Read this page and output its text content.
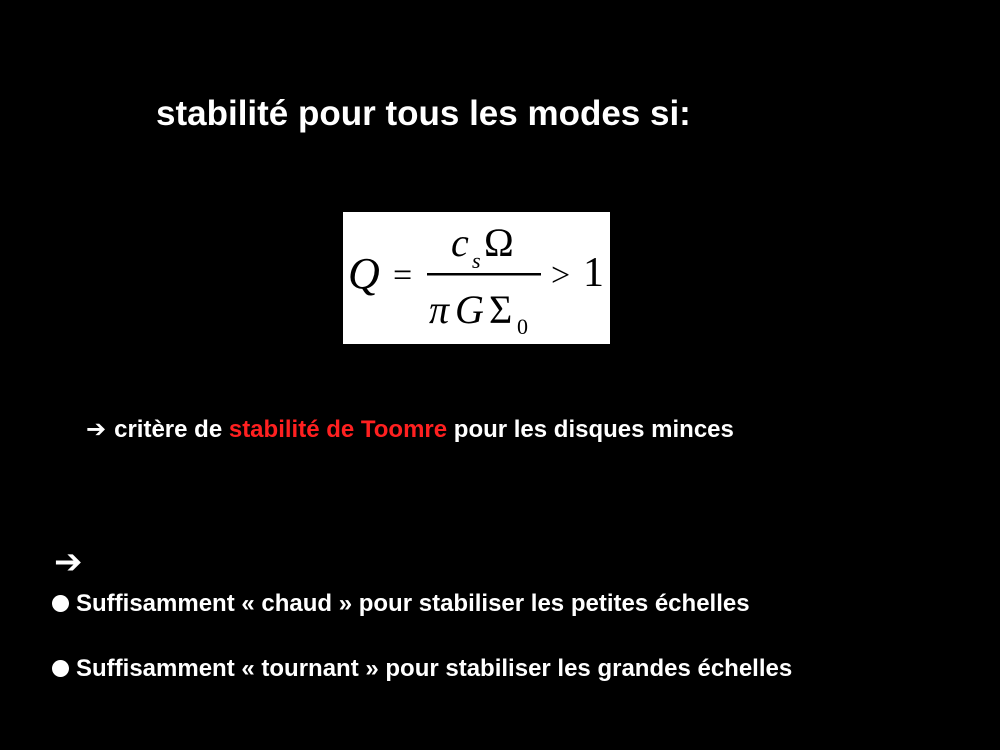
stabilité pour tous les modes si:
Q =
c s Ω
π G Σ 0
> 1
➔ critère de stabilité de Toomre pour les disques minces
➔
Suffisamment « chaud » pour stabiliser les petites échelles
Suffisamment « tournant » pour stabiliser les grandes échelles
